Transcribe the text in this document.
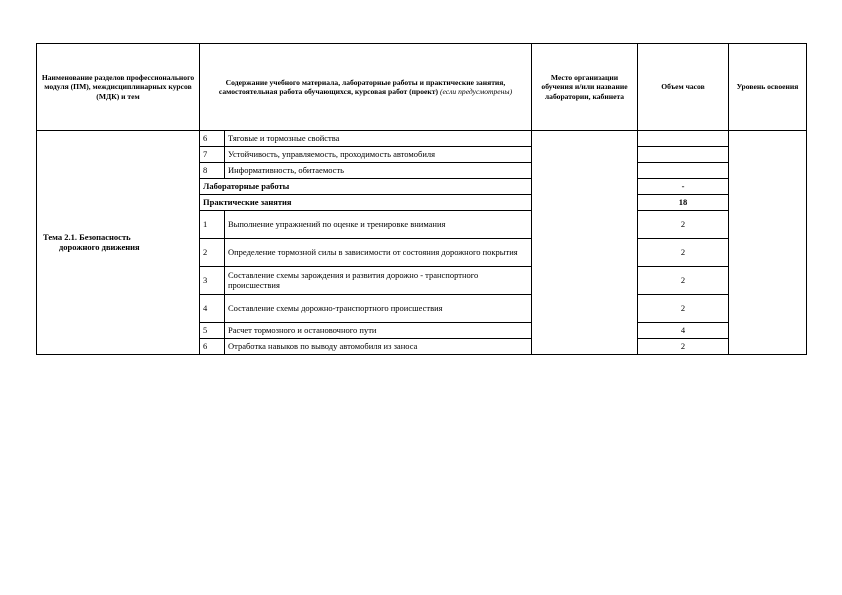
Наименование разделов профессионального модуля (ПМ), междисциплинарных курсов (МДК) и тем	Содержание учебного материала, лабораторные работы и практические занятия, самостоятельная работа обучающихся, курсовая работ (проект) (если предусмотрены)		Место организации обучения и/или название лаборатории, кабинета	Объем часов	Уровень освоения
Тема 2.1. Безопасность
дорожного движения	6	Тяговые и тормозные свойства			
	7	Устойчивость, управляемость, проходимость автомобиля			
	8	Информативность, обитаемость			
	Лабораторные работы			-	
	Практические занятия			18	
	1	Выполнение упражнений по оценке и тренировке внимания		2	
	2	Определение тормозной силы в зависимости от состояния дорожного покрытия		2	
	3	Составление схемы зарождения и развития дорожно - транспортного происшествия		2	
	4	Составление схемы дорожно-транспортного происшествия		2	
	5	Расчет тормозного и остановочного пути		4	
	6	Отработка навыков по выводу автомобиля из заноса		2	
